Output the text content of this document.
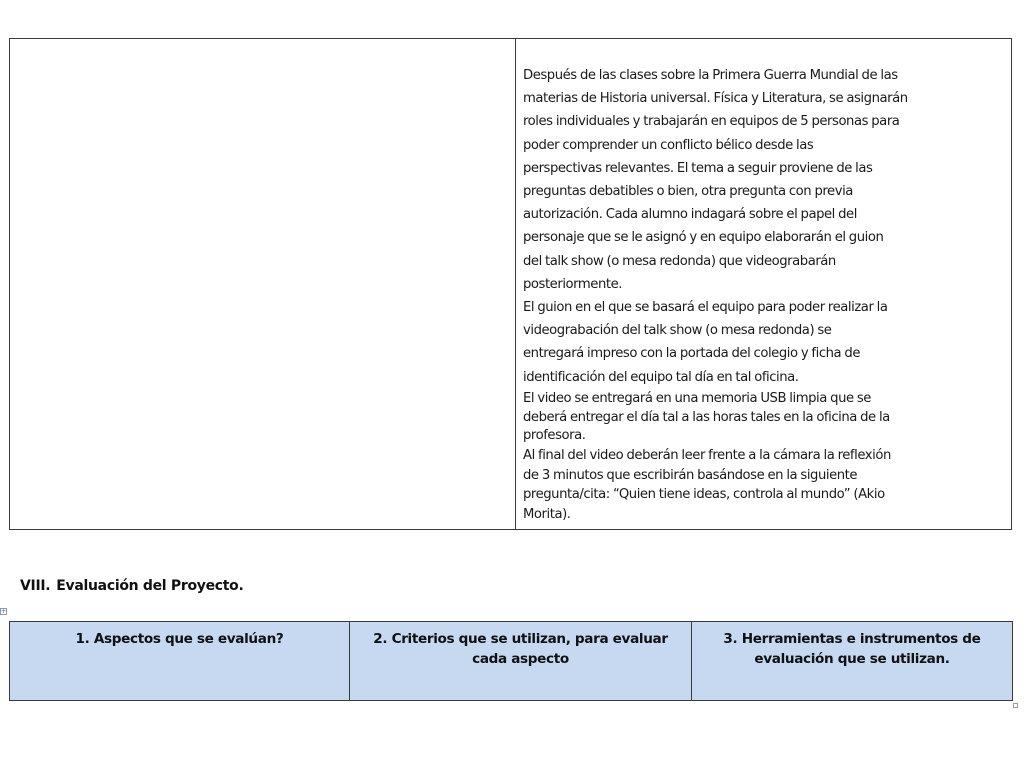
Después de las clases sobre la Primera Guerra Mundial de las
materias de Historia universal. Física y Literatura, se asignarán
roles individuales y trabajarán en equipos de 5 personas para
poder comprender un conflicto bélico desde las
perspectivas relevantes. El tema a seguir proviene de las
preguntas debatibles o bien, otra pregunta con previa
autorización. Cada alumno indagará sobre el papel del
personaje que se le asignó y en equipo elaborarán el guion
del talk show (o mesa redonda) que videograbarán
posteriormente.
El guion en el que se basará el equipo para poder realizar la
videograbación del talk show (o mesa redonda) se
entregará impreso con la portada del colegio y ficha de
identificación del equipo tal día en tal oficina.
El video se entregará en una memoria USB limpia que se
deberá entregar el día tal a las horas tales en la oficina de la
profesora.
Al final del video deberán leer frente a la cámara la reflexión
de 3 minutos que escribirán basándose en la siguiente
pregunta/cita: “Quien tiene ideas, controla al mundo” (Akio
Morita).
VIII. Evaluación del Proyecto.
+
1. Aspectos que se evalúan?	2. Criterios que se utilizan, para evaluar
cada aspecto
3. Herramientas e instrumentos de
evaluación que se utilizan.
